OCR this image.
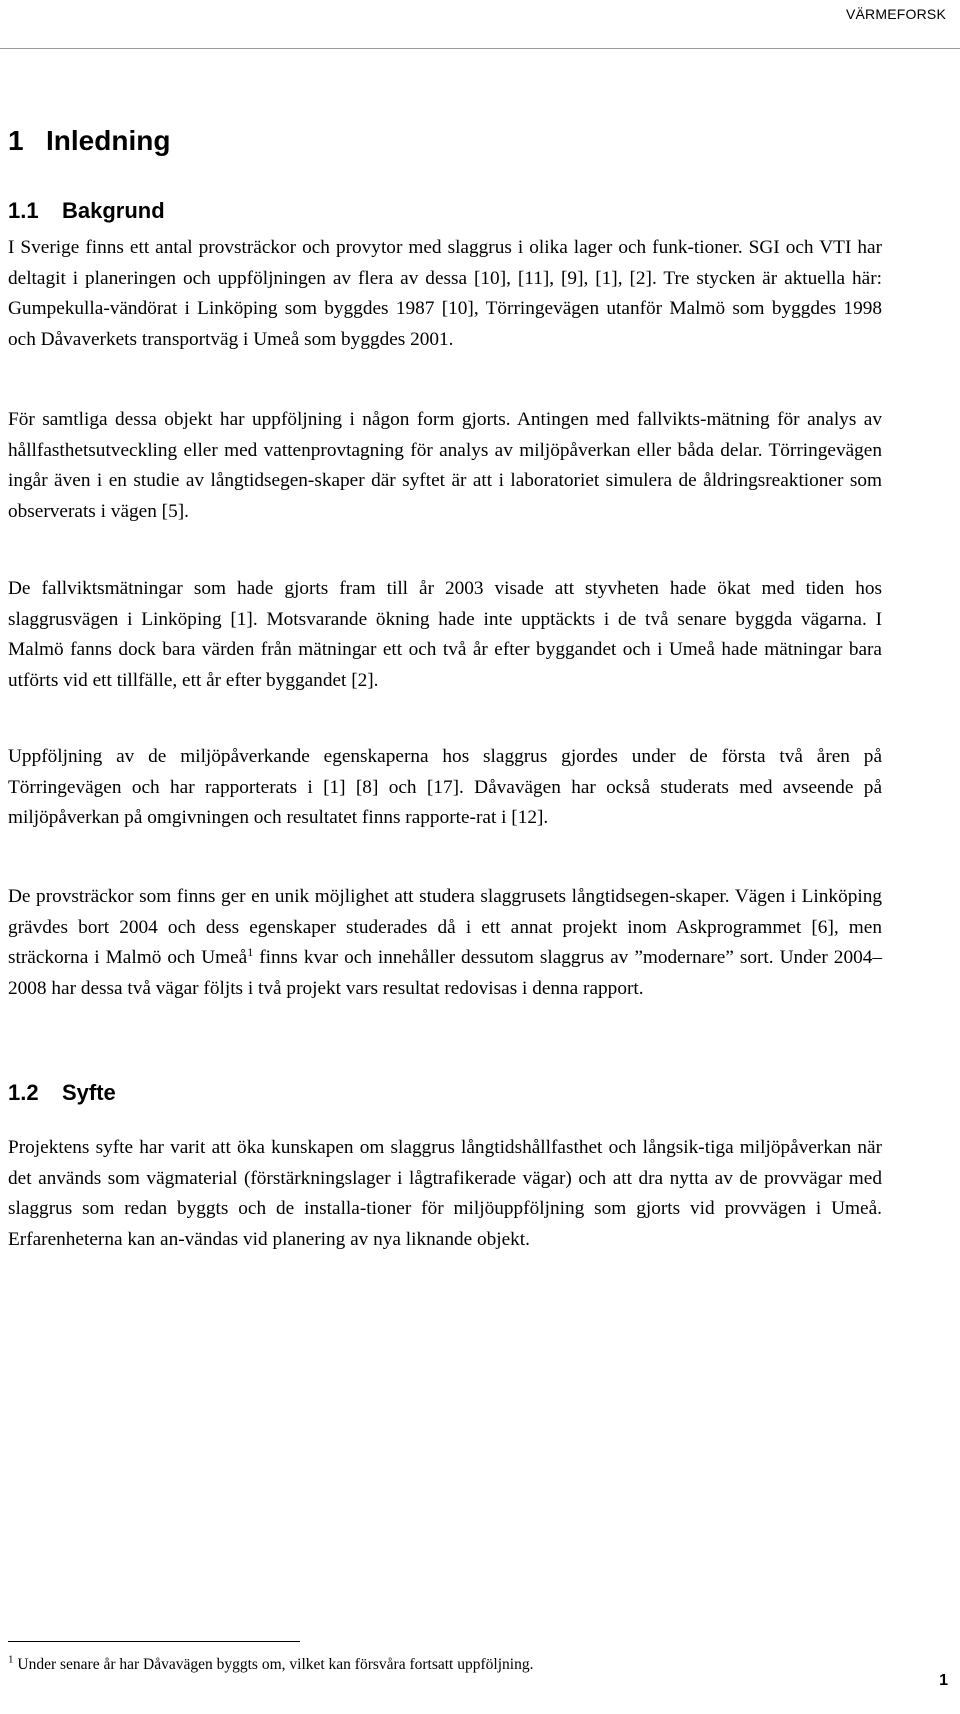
VÄRMEFORSK
1 Inledning
1.1 Bakgrund

I Sverige finns ett antal provsträckor och provytor med slaggrus i olika lager och funk-tioner. SGI och VTI har deltagit i planeringen och uppföljningen av flera av dessa [10], [11], [9], [1], [2]. Tre stycken är aktuella här: Gumpekulla-vändörat i Linköping som byggdes 1987 [10], Törringevägen utanför Malmö som byggdes 1998 och Dåvaverkets transportväg i Umeå som byggdes 2001.

För samtliga dessa objekt har uppföljning i någon form gjorts. Antingen med fallvikts-mätning för analys av hållfasthetsutveckling eller med vattenprovtagning för analys av miljöpåverkan eller båda delar. Törringevägen ingår även i en studie av långtidsegen-skaper där syftet är att i laboratoriet simulera de åldringsreaktioner som observerats i vägen [5].

De fallviktsmätningar som hade gjorts fram till år 2003 visade att styvheten hade ökat med tiden hos slaggrusvägen i Linköping [1]. Motsvarande ökning hade inte upptäckts i de två senare byggda vägarna. I Malmö fanns dock bara värden från mätningar ett och två år efter byggandet och i Umeå hade mätningar bara utförts vid ett tillfälle, ett år efter byggandet [2].

Uppföljning av de miljöpåverkande egenskaperna hos slaggrus gjordes under de första två åren på Törringevägen och har rapporterats i [1] [8] och [17]. Dåvavägen har också studerats med avseende på miljöpåverkan på omgivningen och resultatet finns rapporte-rat i [12].

De provsträckor som finns ger en unik möjlighet att studera slaggrusets långtidsegen-skaper. Vägen i Linköping grävdes bort 2004 och dess egenskaper studerades då i ett annat projekt inom Askprogrammet [6], men sträckorna i Malmö och Umeå$^1$ finns kvar och innehåller dessutom slaggrus av ”modernare” sort. Under 2004–2008 har dessa två vägar följts i två projekt vars resultat redovisas i denna rapport.

1.2 Syfte

Projektens syfte har varit att öka kunskapen om slaggrus långtidshållfasthet och långsik-tiga miljöpåverkan när det används som vägmaterial (förstärkningslager i lågtrafikerade vägar) och att dra nytta av de provvägar med slaggrus som redan byggts och de installa-tioner för miljöuppföljning som gjorts vid provvägen i Umeå. Erfarenheterna kan an-vändas vid planering av nya liknande objekt.

$^1$ Under senare år har Dåvavägen byggts om, vilket kan försvåra fortsatt uppföljning.

1
